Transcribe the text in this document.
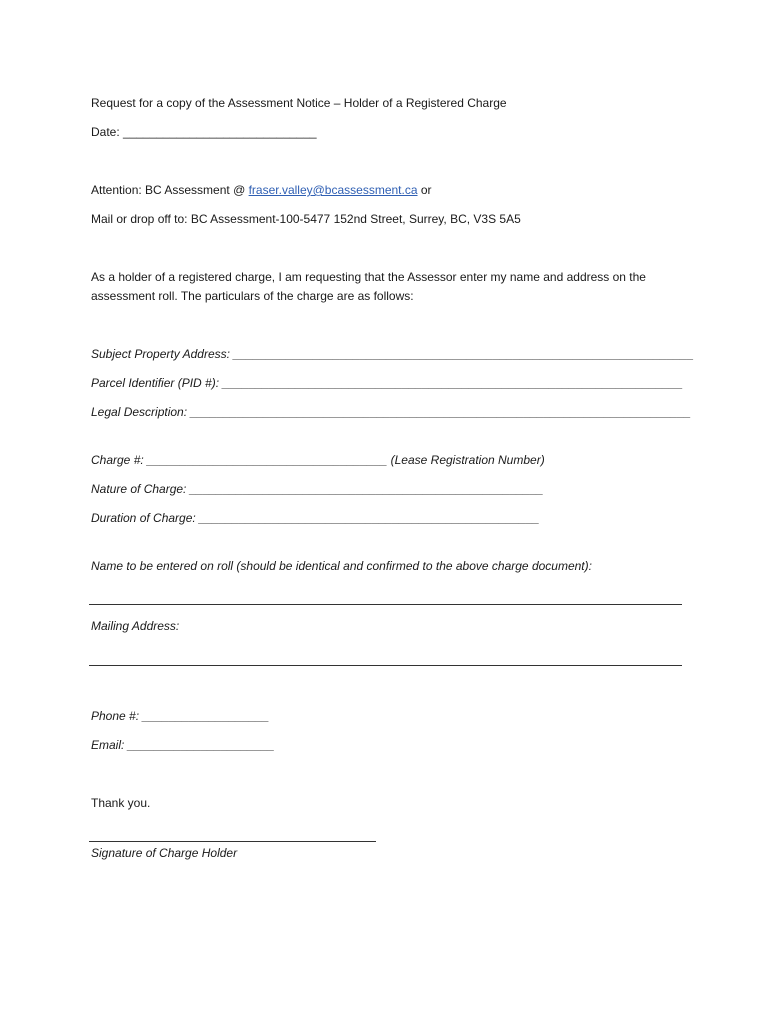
Request for a copy of the Assessment Notice – Holder of a Registered Charge
Date: _____________________________
Attention: BC Assessment @ fraser.valley@bcassessment.ca or
Mail or drop off to: BC Assessment-100-5477 152nd Street, Surrey, BC, V3S 5A5
As a holder of a registered charge, I am requesting that the Assessor enter my name and address on the
assessment roll. The particulars of the charge are as follows:
Subject Property Address: _____________________________________________________________________
Parcel Identifier (PID #): _____________________________________________________________________
Legal Description: ___________________________________________________________________________
Charge #: ____________________________________ (Lease Registration Number)
Nature of Charge: _____________________________________________________
Duration of Charge: ___________________________________________________
Name to be entered on roll (should be identical and confirmed to the above charge document):
Mailing Address:
Phone #: ___________________
Email: ______________________
Thank you.
Signature of Charge Holder
